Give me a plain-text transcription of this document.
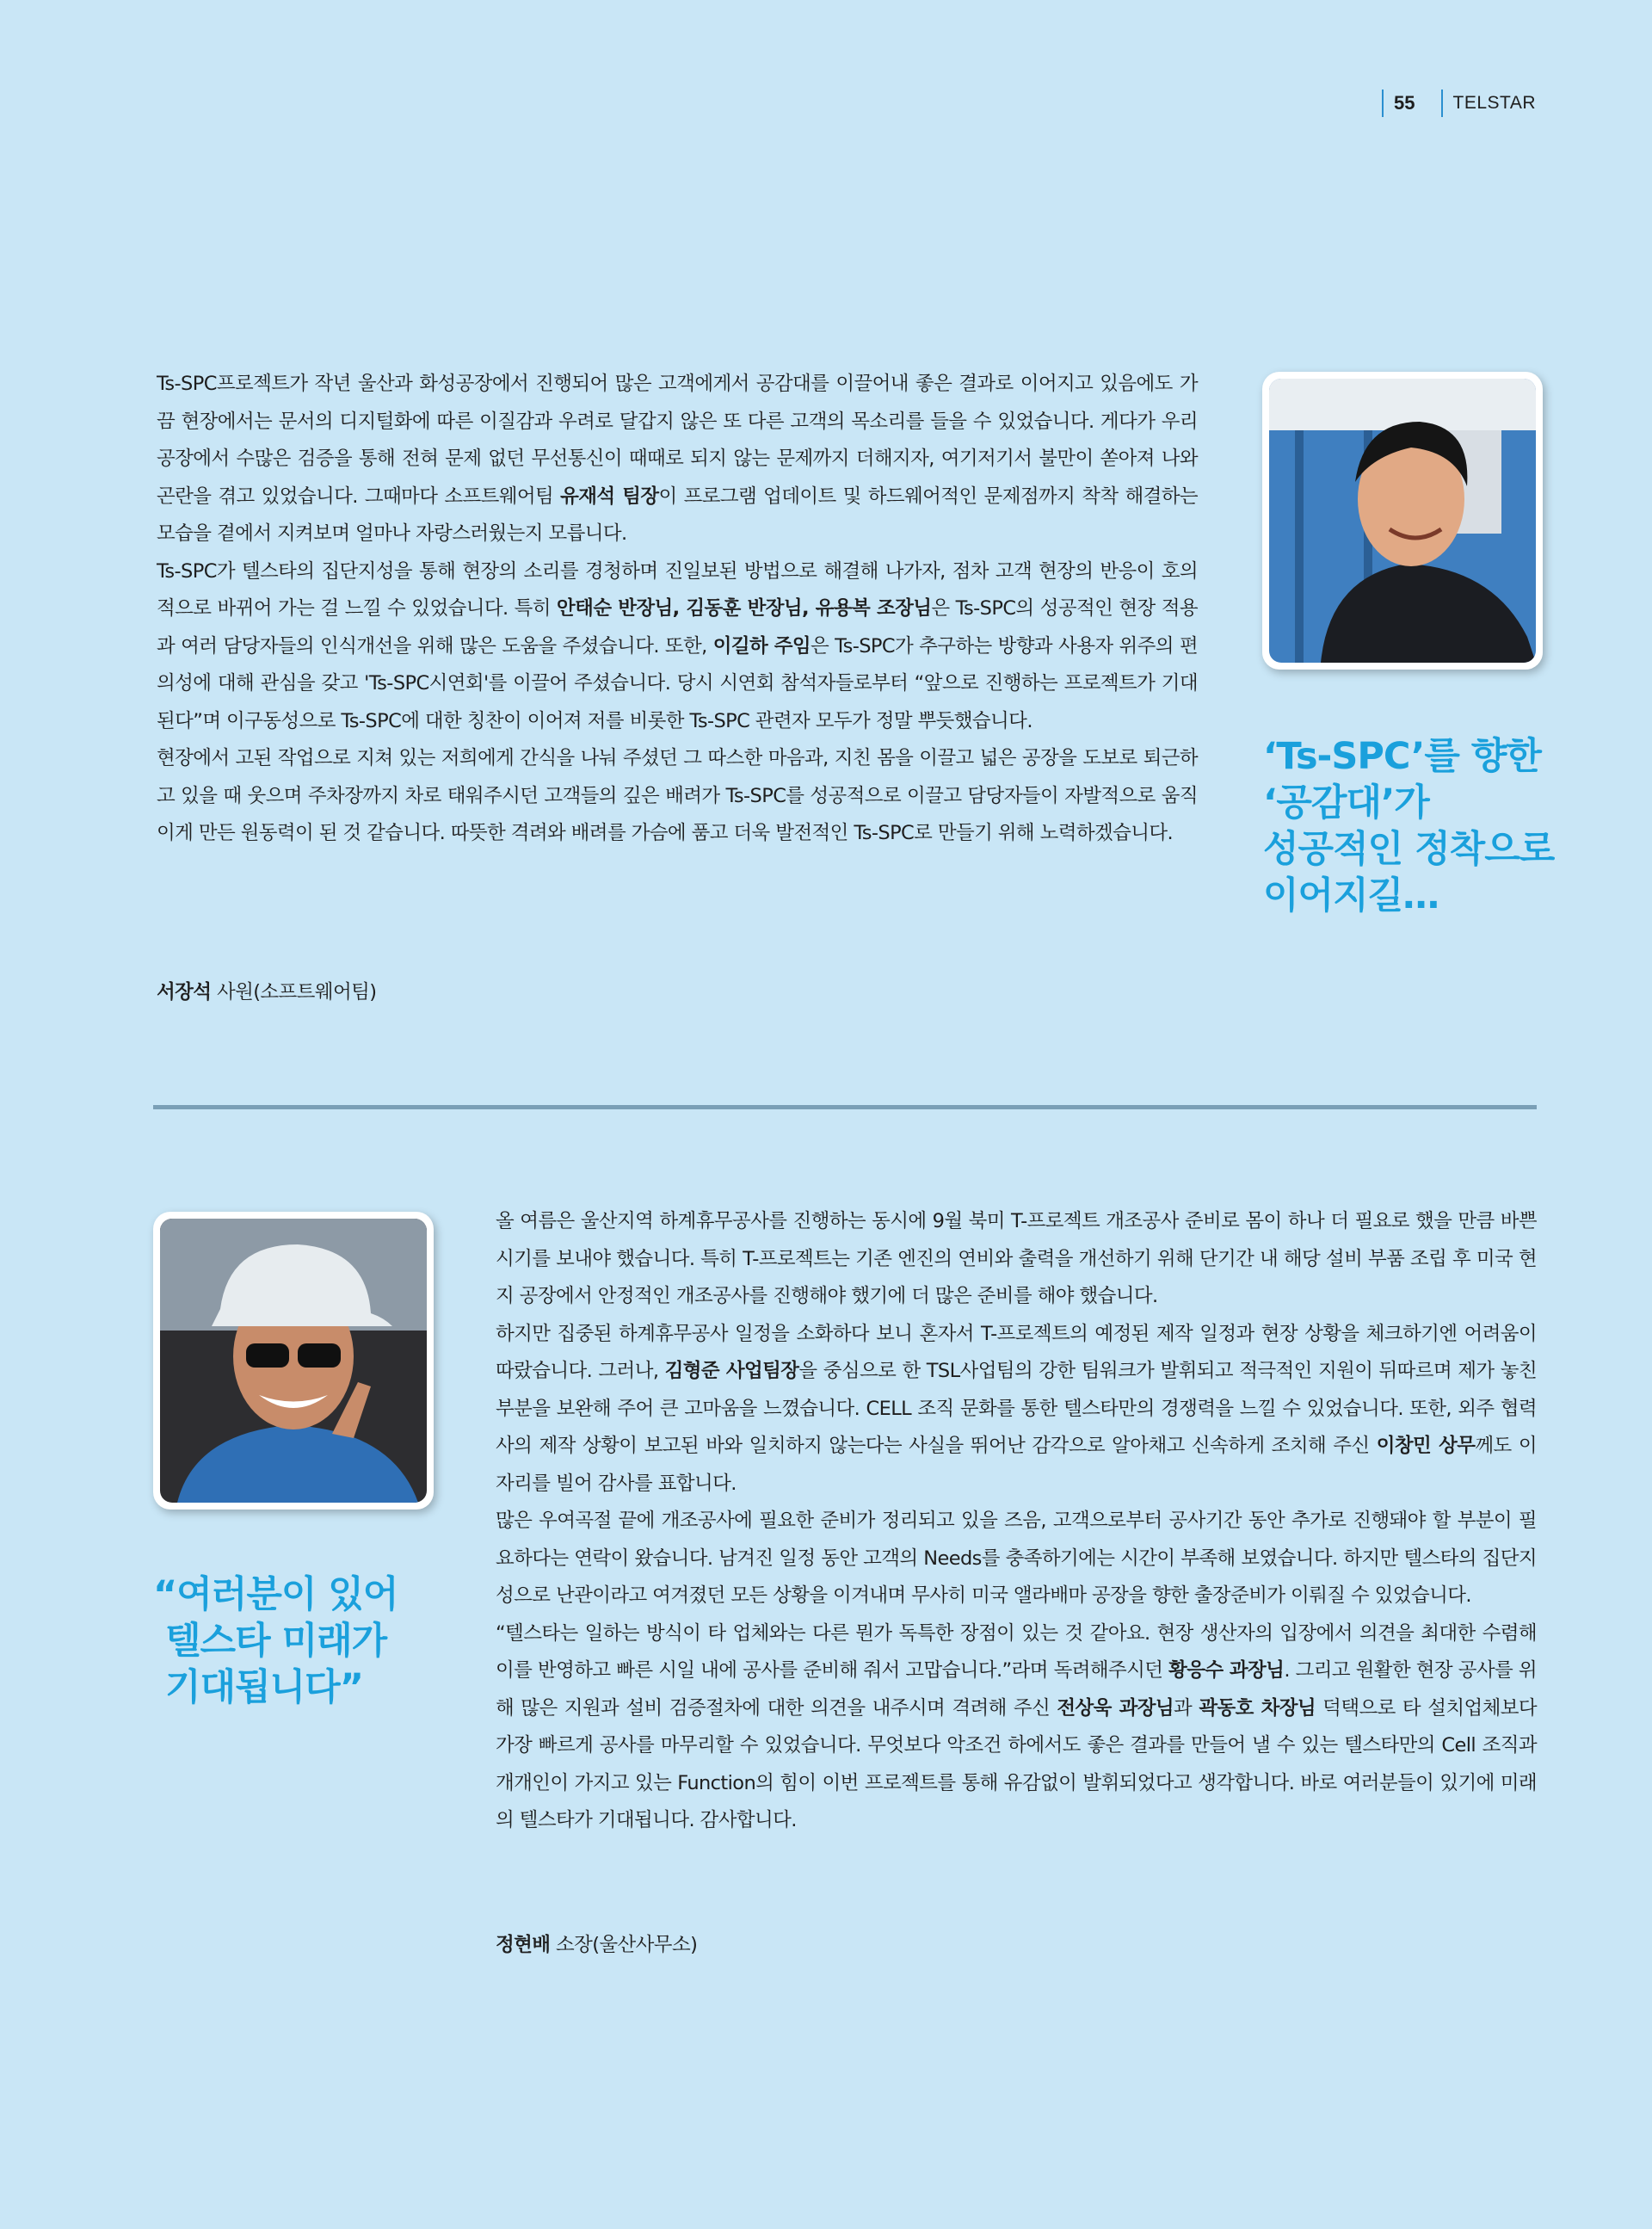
55 TELSTAR

Ts-SPC프로젝트가 작년 울산과 화성공장에서 진행되어 많은 고객에게서 공감대를 이끌어내 좋은 결과로 이어지고 있음에도 가끔 현장에서는 문서의 디지털화에 따른 이질감과 우려로 달갑지 않은 또 다른 고객의 목소리를 들을 수 있었습니다. 게다가 우리 공장에서 수많은 검증을 통해 전혀 문제 없던 무선통신이 때때로 되지 않는 문제까지 더해지자, 여기저기서 불만이 쏟아져 나와 곤란을 겪고 있었습니다. 그때마다 소프트웨어팀 유재석 팀장이 프로그램 업데이트 및 하드웨어적인 문제점까지 착착 해결하는 모습을 곁에서 지켜보며 얼마나 자랑스러웠는지 모릅니다.

Ts-SPC가 텔스타의 집단지성을 통해 현장의 소리를 경청하며 진일보된 방법으로 해결해 나가자, 점차 고객 현장의 반응이 호의적으로 바뀌어 가는 걸 느낄 수 있었습니다. 특히 안태순 반장님, 김동훈 반장님, 유용복 조장님은 Ts-SPC의 성공적인 현장 적용과 여러 담당자들의 인식개선을 위해 많은 도움을 주셨습니다. 또한, 이길하 주임은 Ts-SPC가 추구하는 방향과 사용자 위주의 편의성에 대해 관심을 갖고 'Ts-SPC시연회'를 이끌어 주셨습니다. 당시 시연회 참석자들로부터 “앞으로 진행하는 프로젝트가 기대된다”며 이구동성으로 Ts-SPC에 대한 칭찬이 이어져 저를 비롯한 Ts-SPC 관련자 모두가 정말 뿌듯했습니다.

현장에서 고된 작업으로 지쳐 있는 저희에게 간식을 나눠 주셨던 그 따스한 마음과, 지친 몸을 이끌고 넓은 공장을 도보로 퇴근하고 있을 때 웃으며 주차장까지 차로 태워주시던 고객들의 깊은 배려가 Ts-SPC를 성공적으로 이끌고 담당자들이 자발적으로 움직이게 만든 원동력이 된 것 같습니다. 따뜻한 격려와 배려를 가슴에 품고 더욱 발전적인 Ts-SPC로 만들기 위해 노력하겠습니다.

서장석 사원(소프트웨어팀)
‘Ts-SPC’를 향한
‘공감대’가
성공적인 정착으로
이어지길…
“여러분이 있어
텔스타 미래가
기대됩니다”

올 여름은 울산지역 하계휴무공사를 진행하는 동시에 9월 북미 T-프로젝트 개조공사 준비로 몸이 하나 더 필요로 했을 만큼 바쁜 시기를 보내야 했습니다. 특히 T-프로젝트는 기존 엔진의 연비와 출력을 개선하기 위해 단기간 내 해당 설비 부품 조립 후 미국 현지 공장에서 안정적인 개조공사를 진행해야 했기에 더 많은 준비를 해야 했습니다.

하지만 집중된 하계휴무공사 일정을 소화하다 보니 혼자서 T-프로젝트의 예정된 제작 일정과 현장 상황을 체크하기엔 어려움이 따랐습니다. 그러나, 김형준 사업팀장을 중심으로 한 TSL사업팀의 강한 팀워크가 발휘되고 적극적인 지원이 뒤따르며 제가 놓친 부분을 보완해 주어 큰 고마움을 느꼈습니다. CELL 조직 문화를 통한 텔스타만의 경쟁력을 느낄 수 있었습니다. 또한, 외주 협력사의 제작 상황이 보고된 바와 일치하지 않는다는 사실을 뛰어난 감각으로 알아채고 신속하게 조치해 주신 이창민 상무께도 이 자리를 빌어 감사를 표합니다.

많은 우여곡절 끝에 개조공사에 필요한 준비가 정리되고 있을 즈음, 고객으로부터 공사기간 동안 추가로 진행돼야 할 부분이 필요하다는 연락이 왔습니다. 남겨진 일정 동안 고객의 Needs를 충족하기에는 시간이 부족해 보였습니다. 하지만 텔스타의 집단지성으로 난관이라고 여겨졌던 모든 상황을 이겨내며 무사히 미국 앨라배마 공장을 향한 출장준비가 이뤄질 수 있었습니다.

“텔스타는 일하는 방식이 타 업체와는 다른 뭔가 독특한 장점이 있는 것 같아요. 현장 생산자의 입장에서 의견을 최대한 수렴해 이를 반영하고 빠른 시일 내에 공사를 준비해 줘서 고맙습니다.”라며 독려해주시던 황응수 과장님. 그리고 원활한 현장 공사를 위해 많은 지원과 설비 검증절차에 대한 의견을 내주시며 격려해 주신 전상욱 과장님과 곽동호 차장님 덕택으로 타 설치업체보다 가장 빠르게 공사를 마무리할 수 있었습니다. 무엇보다 악조건 하에서도 좋은 결과를 만들어 낼 수 있는 텔스타만의 Cell 조직과 개개인이 가지고 있는 Function의 힘이 이번 프로젝트를 통해 유감없이 발휘되었다고 생각합니다. 바로 여러분들이 있기에 미래의 텔스타가 기대됩니다. 감사합니다.

정현배 소장(울산사무소)
